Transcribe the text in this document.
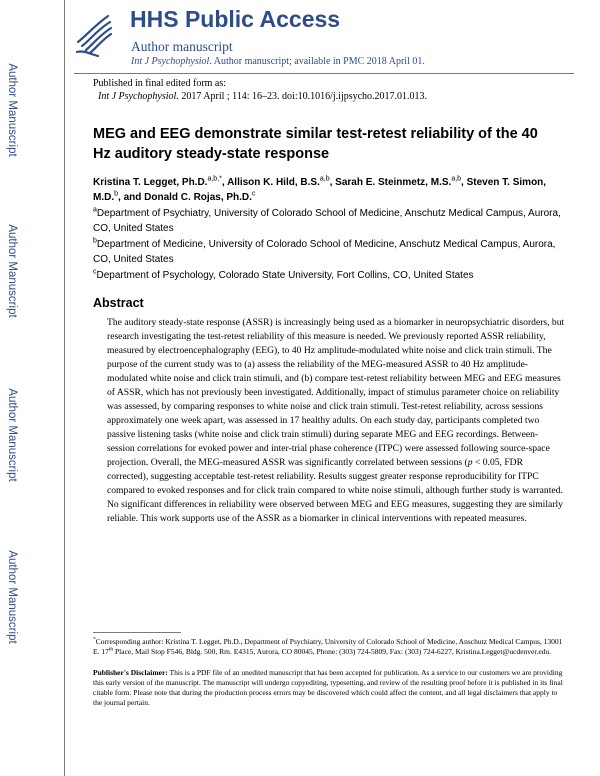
Author Manuscript
Author Manuscript
Author Manuscript
Author Manuscript
HHS Public Access
Author manuscript
Int J Psychophysiol. Author manuscript; available in PMC 2018 April 01.
Published in final edited form as:
Int J Psychophysiol. 2017 April ; 114: 16–23. doi:10.1016/j.ijpsycho.2017.01.013.
MEG and EEG demonstrate similar test-retest reliability of the 40 Hz auditory steady-state response
Kristina T. Legget, Ph.D.$^{a,b,*}$, Allison K. Hild, B.S.$^{a,b}$, Sarah E. Steinmetz, M.S.$^{a,b}$, Steven T. Simon, M.D.$^b$, and Donald C. Rojas, Ph.D.$^c$
$^a$Department of Psychiatry, University of Colorado School of Medicine, Anschutz Medical Campus, Aurora, CO, United States
$^b$Department of Medicine, University of Colorado School of Medicine, Anschutz Medical Campus, Aurora, CO, United States
$^c$Department of Psychology, Colorado State University, Fort Collins, CO, United States
Abstract
The auditory steady-state response (ASSR) is increasingly being used as a biomarker in neuropsychiatric disorders, but research investigating the test-retest reliability of this measure is needed. We previously reported ASSR reliability, measured by electroencephalography (EEG), to 40 Hz amplitude-modulated white noise and click train stimuli. The purpose of the current study was to (a) assess the reliability of the MEG-measured ASSR to 40 Hz amplitude-modulated white noise and click train stimuli, and (b) compare test-retest reliability between MEG and EEG measures of ASSR, which has not previously been investigated. Additionally, impact of stimulus parameter choice on reliability was assessed, by comparing responses to white noise and click train stimuli. Test-retest reliability, across sessions approximately one week apart, was assessed in 17 healthy adults. On each study day, participants completed two passive listening tasks (white noise and click train stimuli) during separate MEG and EEG recordings. Between-session correlations for evoked power and inter-trial phase coherence (ITPC) were assessed following source-space projection. Overall, the MEG-measured ASSR was significantly correlated between sessions (p < 0.05, FDR corrected), suggesting acceptable test-retest reliability. Results suggest greater response reproducibility for ITPC compared to evoked responses and for click train compared to white noise stimuli, although further study is warranted. No significant differences in reliability were observed between MEG and EEG measures, suggesting they are similarly reliable. This work supports use of the ASSR as a biomarker in clinical interventions with repeated measures.
*Corresponding author: Kristina T. Legget, Ph.D., Department of Psychiatry, University of Colorado School of Medicine, Anschutz Medical Campus, 13001 E. 17th Place, Mail Stop F546, Bldg. 500, Rm. E4315, Aurora, CO 80045, Phone: (303) 724-5809, Fax: (303) 724-6227, Kristina.Legget@ucdenver.edu.
Publisher's Disclaimer: This is a PDF file of an unedited manuscript that has been accepted for publication. As a service to our customers we are providing this early version of the manuscript. The manuscript will undergo copyediting, typesetting, and review of the resulting proof before it is published in its final citable form. Please note that during the production process errors may be discovered which could affect the content, and all legal disclaimers that apply to the journal pertain.
